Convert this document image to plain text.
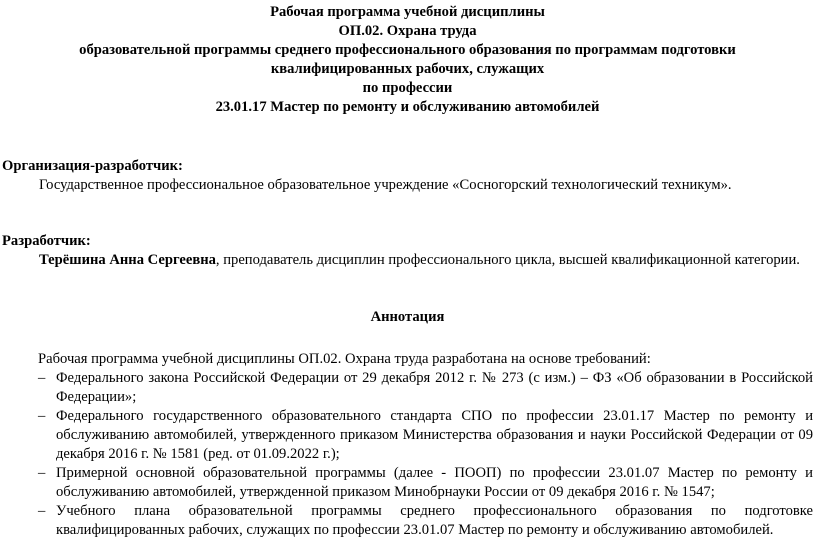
Рабочая программа учебной дисциплины
ОП.02. Охрана труда
образовательной программы среднего профессионального образования по программам подготовки
квалифицированных рабочих, служащих
по профессии
23.01.17 Мастер по ремонту и обслуживанию автомобилей
Организация-разработчик:
Государственное профессиональное образовательное учреждение «Сосногорский технологический техникум».
Разработчик:
Терёшина Анна Сергеевна, преподаватель дисциплин профессионального цикла, высшей квалификационной категории.
Аннотация
Рабочая программа учебной дисциплины ОП.02. Охрана труда разработана на основе требований:
– Федерального закона Российской Федерации от 29 декабря 2012 г. № 273 (с изм.) – ФЗ «Об образовании в Российской Федерации»;
– Федерального государственного образовательного стандарта СПО по профессии 23.01.17 Мастер по ремонту и обслуживанию автомобилей, утвержденного приказом Министерства образования и науки Российской Федерации от 09 декабря 2016 г. № 1581 (ред. от 01.09.2022 г.);
– Примерной основной образовательной программы (далее - ПООП) по профессии 23.01.07 Мастер по ремонту и обслуживанию автомобилей, утвержденной приказом Минобрнауки России от 09 декабря 2016 г. № 1547;
– Учебного плана образовательной программы среднего профессионального образования по подготовке квалифицированных рабочих, служащих по профессии 23.01.07 Мастер по ремонту и обслуживанию автомобилей.
